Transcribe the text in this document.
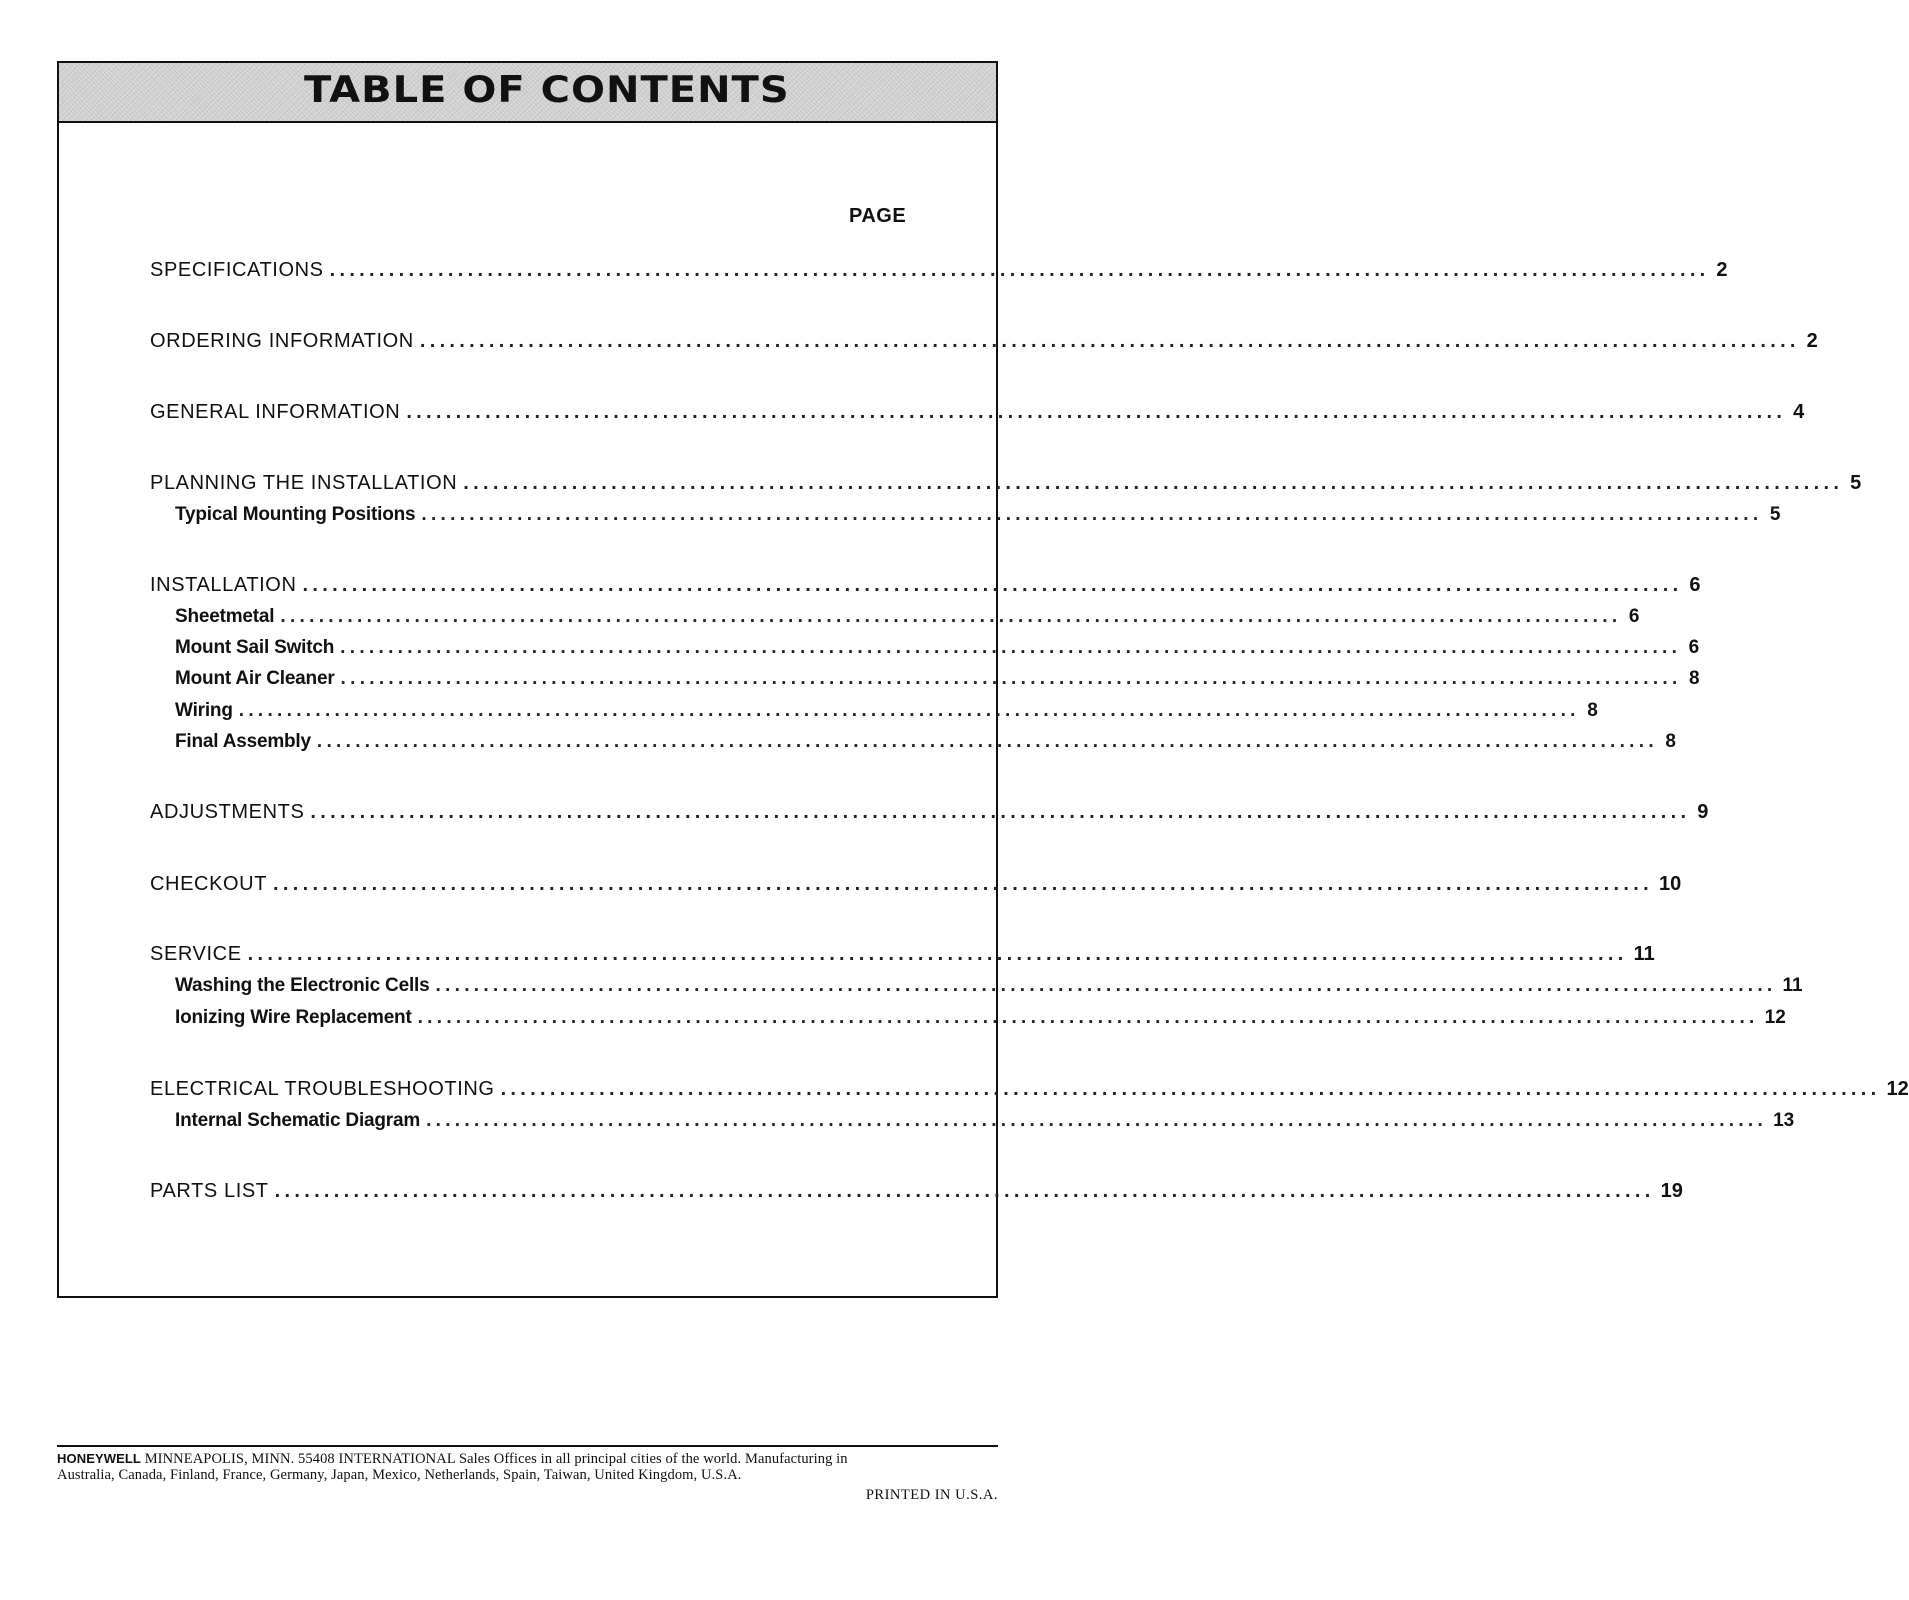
TABLE OF CONTENTS
PAGE
SPECIFICATIONS ............................................................................................................................................ 2
ORDERING INFORMATION ............................................................................................................................................ 2
GENERAL INFORMATION ............................................................................................................................................ 4
PLANNING THE INSTALLATION ............................................................................................................................................ 5
Typical Mounting Positions ............................................................................................................................................ 5
INSTALLATION ............................................................................................................................................ 6
Sheetmetal ............................................................................................................................................ 6
Mount Sail Switch ............................................................................................................................................ 6
Mount Air Cleaner ............................................................................................................................................ 8
Wiring ............................................................................................................................................ 8
Final Assembly ............................................................................................................................................ 8
ADJUSTMENTS ............................................................................................................................................ 9
CHECKOUT ............................................................................................................................................ 10
SERVICE ............................................................................................................................................ 11
Washing the Electronic Cells ............................................................................................................................................ 11
Ionizing Wire Replacement ............................................................................................................................................ 12
ELECTRICAL TROUBLESHOOTING ............................................................................................................................................ 12
Internal Schematic Diagram ............................................................................................................................................ 13
PARTS LIST ............................................................................................................................................ 19
HONEYWELL MINNEAPOLIS, MINN. 55408 INTERNATIONAL Sales Offices in all principal cities of the world. Manufacturing in
Australia, Canada, Finland, France, Germany, Japan, Mexico, Netherlands, Spain, Taiwan, United Kingdom, U.S.A.
PRINTED IN U.S.A.
